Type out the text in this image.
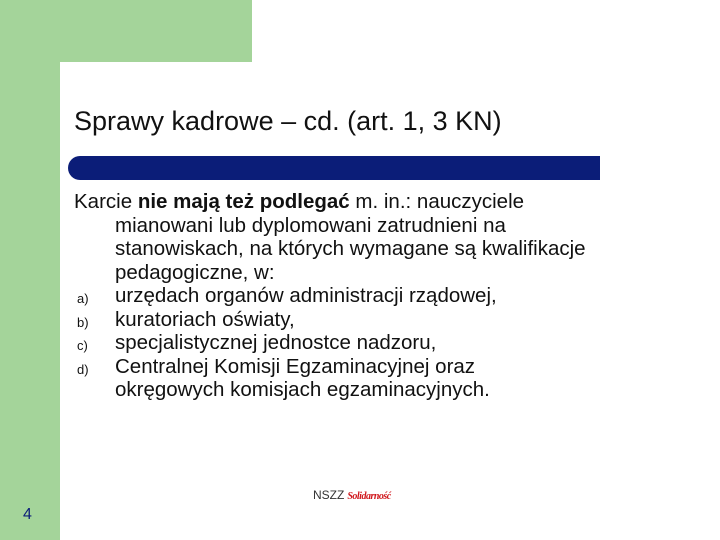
Sprawy kadrowe – cd. (art. 1, 3 KN)
Karcie nie mają też podlegać m. in.: nauczyciele
mianowani lub dyplomowani zatrudnieni na
stanowiskach, na których wymagane są kwalifikacje
pedagogiczne, w:
a) urzędach organów administracji rządowej,
b) kuratoriach oświaty,
c) specjalistycznej jednostce nadzoru,
d) Centralnej Komisji Egzaminacyjnej oraz
okręgowych komisjach egzaminacyjnych.
4
NSZZ Solidarność
